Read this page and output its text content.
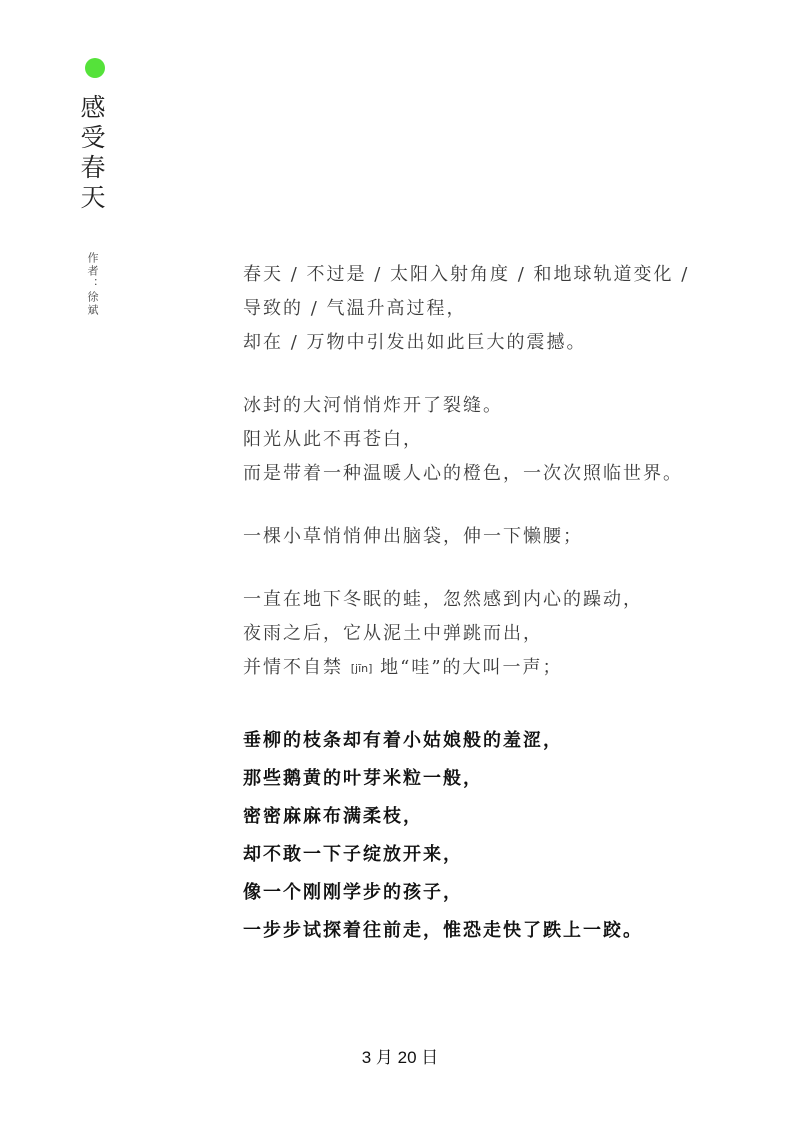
感受春天
作者：徐斌	春天 / 不过是 / 太阳入射角度 / 和地球轨道变化 /
导致的 / 气温升高过程，
却在 / 万物中引发出如此巨大的震撼。
冰封的大河悄悄炸开了裂缝。
阳光从此不再苍白，
而是带着一种温暖人心的橙色，一次次照临世界。
一棵小草悄悄伸出脑袋，伸一下懒腰；
一直在地下冬眠的蛙，忽然感到内心的躁动，
夜雨之后，它从泥土中弹跳而出，
并情不自禁 [jīn] 地“哇”的大叫一声；
垂柳的枝条却有着小姑娘般的羞涩，
那些鹅黄的叶芽米粒一般，
密密麻麻布满柔枝，
却不敢一下子绽放开来，
像一个刚刚学步的孩子，
一步步试探着往前走，惟恐走快了跌上一跤。
3 月 20 日
